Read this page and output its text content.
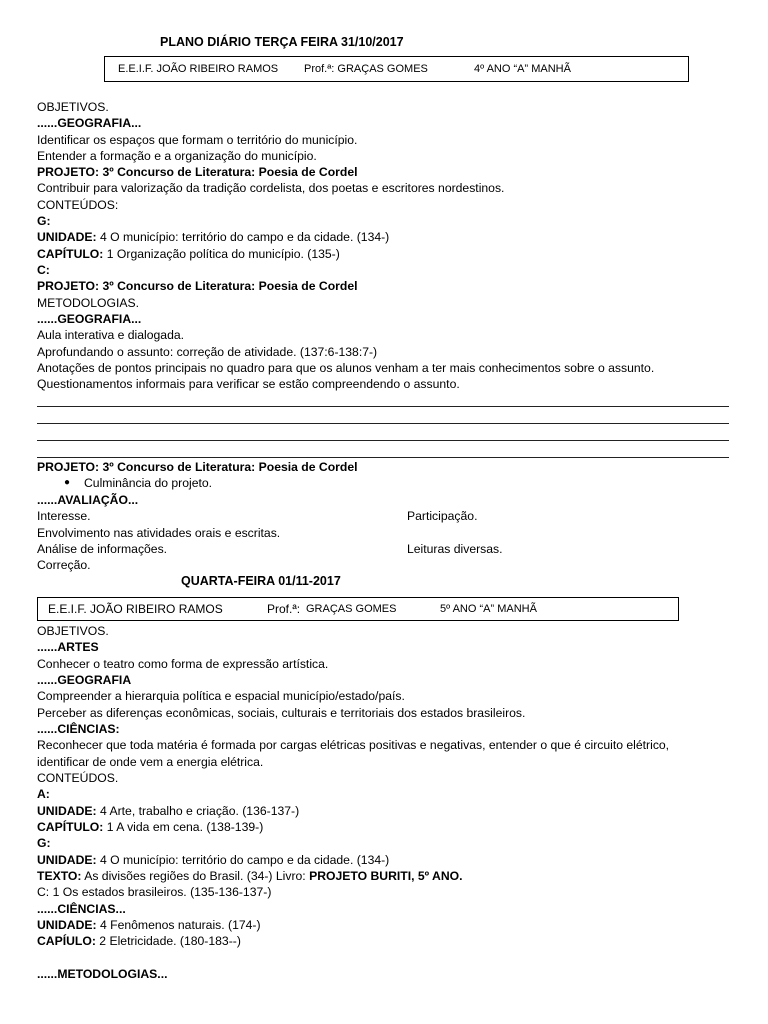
PLANO DIÁRIO TERÇA FEIRA 31/10/2017
E.E.I.F. JOÃO RIBEIRO RAMOS Prof.ª: GRAÇAS GOMES	4º ANO “A” MANHÃ
OBJETIVOS.
......GEOGRAFIA...
Identificar os espaços que formam o território do município.
Entender a formação e a organização do município.
PROJETO: 3º Concurso de Literatura: Poesia de Cordel
Contribuir para valorização da tradição cordelista, dos poetas e escritores nordestinos.
CONTEÚDOS:
G:
UNIDADE: 4 O município: território do campo e da cidade. (134-)
CAPÍTULO: 1 Organização política do município. (135-)
C:
PROJETO: 3º Concurso de Literatura: Poesia de Cordel
METODOLOGIAS.
......GEOGRAFIA...
Aula interativa e dialogada.
Aprofundando o assunto: correção de atividade. (137:6-138:7-)
Anotações de pontos principais no quadro para que os alunos venham a ter mais conhecimentos sobre o assunto.
Questionamentos informais para verificar se estão compreendendo o assunto.
PROJETO: 3º Concurso de Literatura: Poesia de Cordel
● Culminância do projeto.
......AVALIAÇÃO...
Interesse.	Participação.
Envolvimento nas atividades orais e escritas.
Análise de informações.	Leituras diversas.
Correção.
QUARTA-FEIRA 01/11-2017
E.E.I.F. JOÃO RIBEIRO RAMOS	Prof.ª: GRAÇAS GOMES	5º ANO “A” MANHÃ
OBJETIVOS.
......ARTES
Conhecer o teatro como forma de expressão artística.
......GEOGRAFIA
Compreender a hierarquia política e espacial município/estado/país.
Perceber as diferenças econômicas, sociais, culturais e territoriais dos estados brasileiros.
......CIÊNCIAS:
Reconhecer que toda matéria é formada por cargas elétricas positivas e negativas, entender o que é circuito elétrico,
identificar de onde vem a energia elétrica.
CONTEÚDOS.
A:
UNIDADE: 4 Arte, trabalho e criação. (136-137-)
CAPÍTULO: 1 A vida em cena. (138-139-)
G:
UNIDADE: 4 O município: território do campo e da cidade. (134-)
TEXTO: As divisões regiões do Brasil. (34-) Livro: PROJETO BURITI, 5º ANO.
C: 1 Os estados brasileiros. (135-136-137-)
......CIÊNCIAS...
UNIDADE: 4 Fenômenos naturais. (174-)
CAPÍULO: 2 Eletricidade. (180-183--)
......METODOLOGIAS...
